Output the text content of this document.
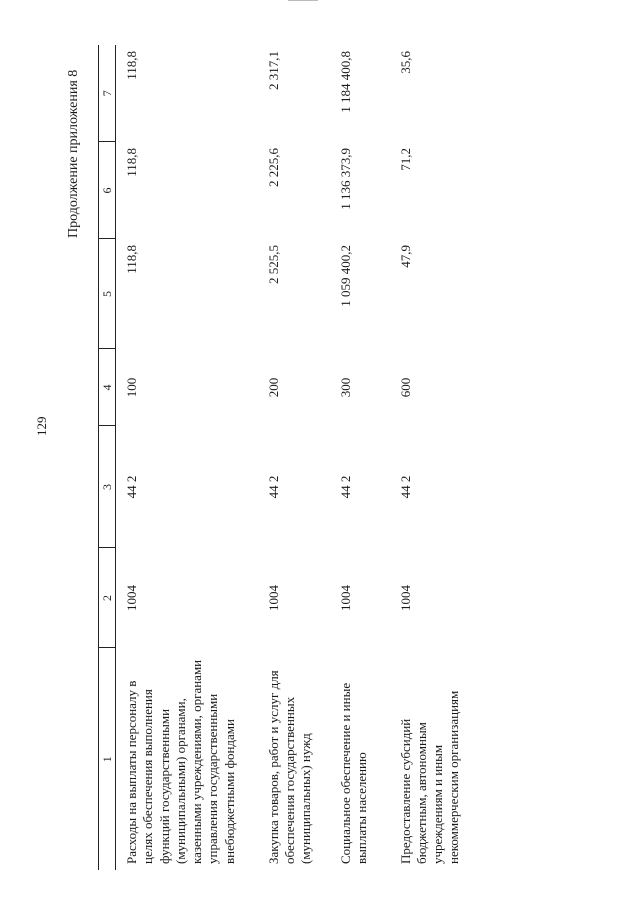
129
Продолжение приложения 8
1	2	3	4	5	6	7
Расходы на выплаты персоналу в целях обеспечения выполнения функций государственными (муниципальными) органами, казенными учреждениями, органами управления государственными внебюджетными фондами	1004	44 2	100	118,8	118,8	118,8
Закупка товаров, работ и услуг для обеспечения государственных (муниципальных) нужд	1004	44 2	200	2 525,5	2 225,6	2 317,1
Социальное обеспечение и иные выплаты населению	1004	44 2	300	1 059 400,2	1 136 373,9	1 184 400,8
Предоставление субсидий бюджетным, автономным учреждениям и иным некоммерческим организациям	1004	44 2	600	47,9	71,2	35,6
